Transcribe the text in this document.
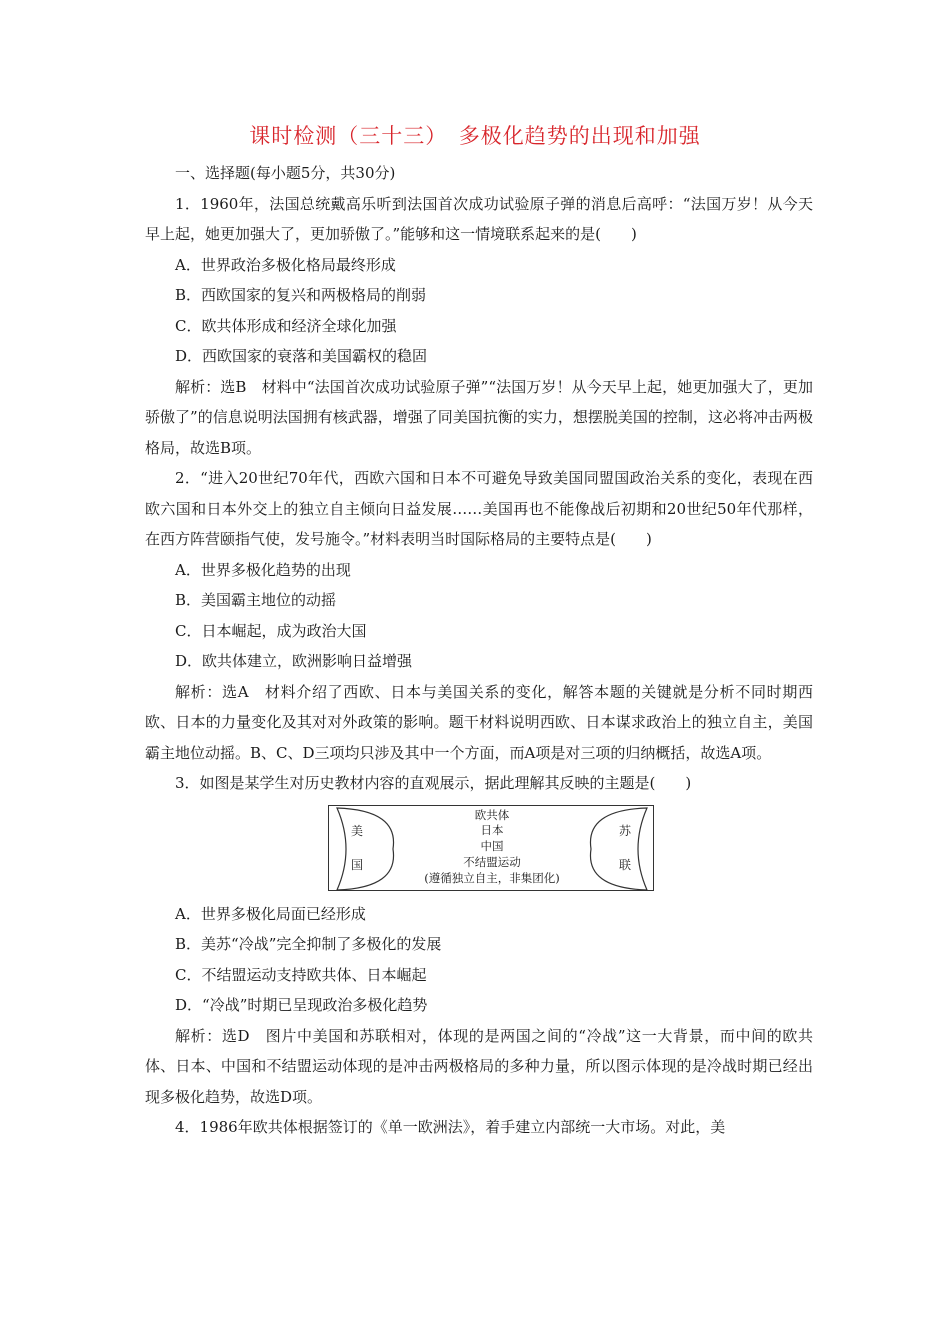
课时检测（三十三）　多极化趋势的出现和加强

一、选择题(每小题5分，共30分)

1．1960年，法国总统戴高乐听到法国首次成功试验原子弹的消息后高呼：“法国万岁！从今天早上起，她更加强大了，更加骄傲了。”能够和这一情境联系起来的是(　　)

A．世界政治多极化格局最终形成

B．西欧国家的复兴和两极格局的削弱

C．欧共体形成和经济全球化加强

D．西欧国家的衰落和美国霸权的稳固

解析：选B　材料中“法国首次成功试验原子弹”“法国万岁！从今天早上起，她更加强大了，更加骄傲了”的信息说明法国拥有核武器，增强了同美国抗衡的实力，想摆脱美国的控制，这必将冲击两极格局，故选B项。

2．“进入20世纪70年代，西欧六国和日本不可避免导致美国同盟国政治关系的变化，表现在西欧六国和日本外交上的独立自主倾向日益发展……美国再也不能像战后初期和20世纪50年代那样，在西方阵营颐指气使，发号施令。”材料表明当时国际格局的主要特点是(　　)

A．世界多极化趋势的出现

B．美国霸主地位的动摇

C．日本崛起，成为政治大国

D．欧共体建立，欧洲影响日益增强

解析：选A　材料介绍了西欧、日本与美国关系的变化，解答本题的关键就是分析不同时期西欧、日本的力量变化及其对对外政策的影响。题干材料说明西欧、日本谋求政治上的独立自主，美国霸主地位动摇。B、C、D三项均只涉及其中一个方面，而A项是对三项的归纳概括，故选A项。

3．如图是某学生对历史教材内容的直观展示，据此理解其反映的主题是(　　)

美
国
苏
联
欧共体
日本
中国
不结盟运动
(遵循独立自主，非集团化)

A．世界多极化局面已经形成

B．美苏“冷战”完全抑制了多极化的发展

C．不结盟运动支持欧共体、日本崛起

D．“冷战”时期已呈现政治多极化趋势

解析：选D　图片中美国和苏联相对，体现的是两国之间的“冷战”这一大背景，而中间的欧共体、日本、中国和不结盟运动体现的是冲击两极格局的多种力量，所以图示体现的是冷战时期已经出现多极化趋势，故选D项。

4．1986年欧共体根据签订的《单一欧洲法》，着手建立内部统一大市场。对此，美
